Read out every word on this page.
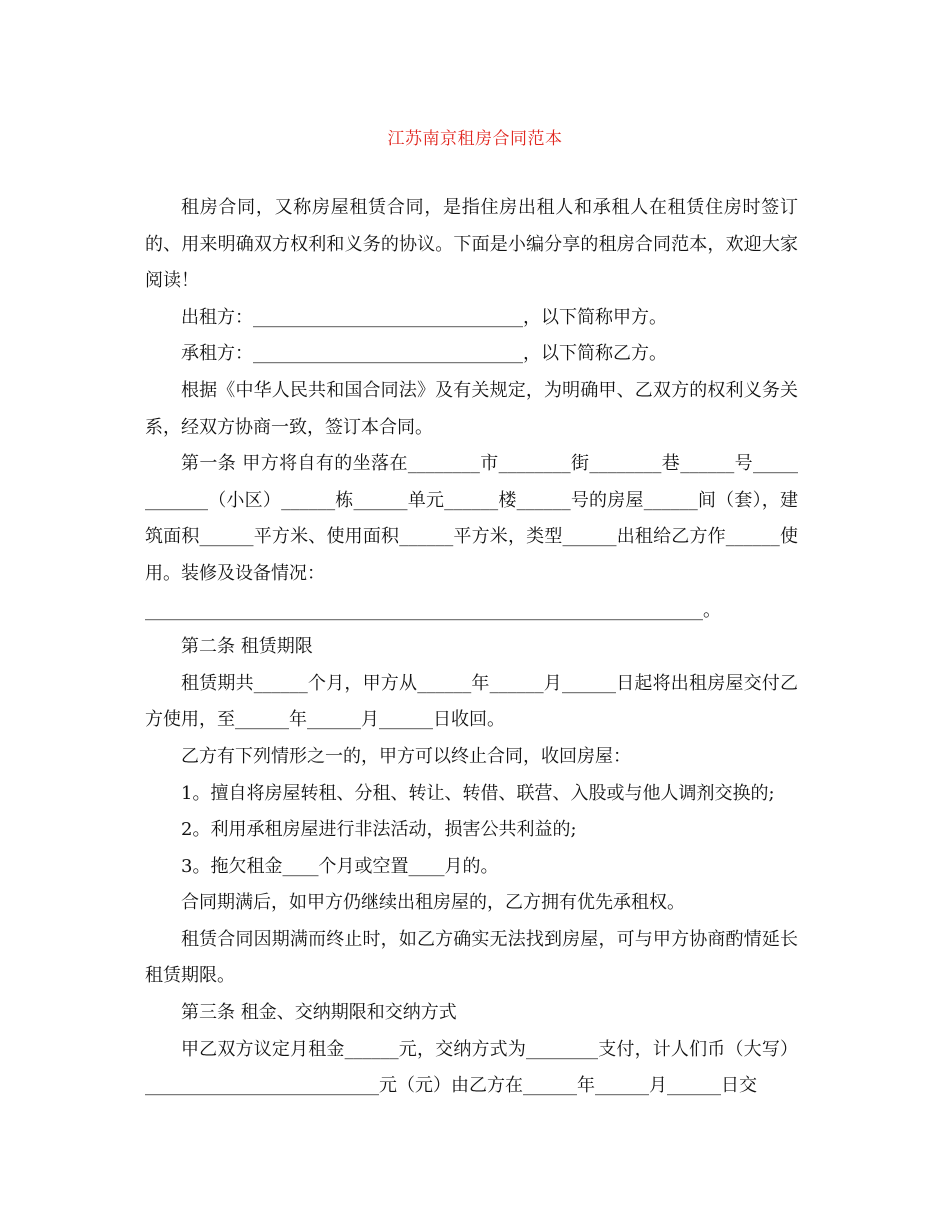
江苏南京租房合同范本

租房合同，又称房屋租赁合同，是指住房出租人和承租人在租赁住房时签订的、用来明确双方权利和义务的协议。下面是小编分享的租房合同范本，欢迎大家阅读！

出租方：______________________________，以下简称甲方。

承租方：______________________________，以下简称乙方。

根据《中华人民共和国合同法》及有关规定，为明确甲、乙双方的权利义务关系，经双方协商一致，签订本合同。

第一条 甲方将自有的坐落在________市________街________巷______号____________（小区）______栋______单元______楼______号的房屋______间（套），建筑面积______平方米、使用面积______平方米，类型______出租给乙方作______使用。装修及设备情况：

______________________________________________________________。

第二条 租赁期限

租赁期共______个月，甲方从______年______月______日起将出租房屋交付乙方使用，至______年______月______日收回。

乙方有下列情形之一的，甲方可以终止合同，收回房屋：

1。擅自将房屋转租、分租、转让、转借、联营、入股或与他人调剂交换的;

2。利用承租房屋进行非法活动，损害公共利益的;

3。拖欠租金____个月或空置____月的。

合同期满后，如甲方仍继续出租房屋的，乙方拥有优先承租权。

租赁合同因期满而终止时，如乙方确实无法找到房屋，可与甲方协商酌情延长租赁期限。

第三条 租金、交纳期限和交纳方式

甲乙双方议定月租金______元，交纳方式为________支付，计人们币（大写）__________________________元（元）由乙方在______年______月______日交
